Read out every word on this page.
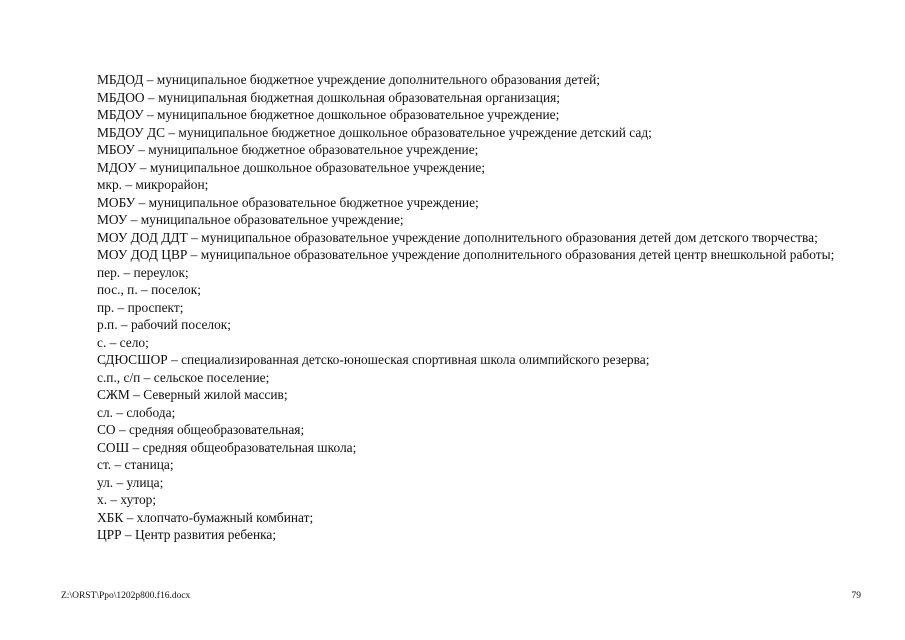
МБДОД – муниципальное бюджетное учреждение дополнительного образования детей;

МБДОО – муниципальная бюджетная дошкольная образовательная организация;

МБДОУ – муниципальное бюджетное дошкольное образовательное учреждение;

МБДОУ ДС – муниципальное бюджетное дошкольное образовательное учреждение детский сад;

МБОУ – муниципальное бюджетное образовательное учреждение;

МДОУ – муниципальное дошкольное образовательное учреждение;

мкр. – микрорайон;

МОБУ – муниципальное образовательное бюджетное учреждение;

МОУ – муниципальное образовательное учреждение;

МОУ ДОД ДДТ – муниципальное образовательное учреждение дополнительного образования детей дом детского творчества;

МОУ ДОД ЦВР – муниципальное образовательное учреждение дополнительного образования детей центр внешкольной работы;

пер. – переулок;

пос., п. – поселок;

пр. – проспект;

р.п. – рабочий поселок;

с. – село;

СДЮСШОР – специализированная детско-юношеская спортивная школа олимпийского резерва;

с.п., с/п – сельское поселение;

СЖМ – Северный жилой массив;

сл. – слобода;

СО – средняя общеобразовательная;

СОШ – средняя общеобразовательная школа;

ст. – станица;

ул. – улица;

х. – хутор;

ХБК – хлопчато-бумажный комбинат;

ЦРР – Центр развития ребенка;

Z:\ORST\Ppo\1202p800.f16.docx	79
